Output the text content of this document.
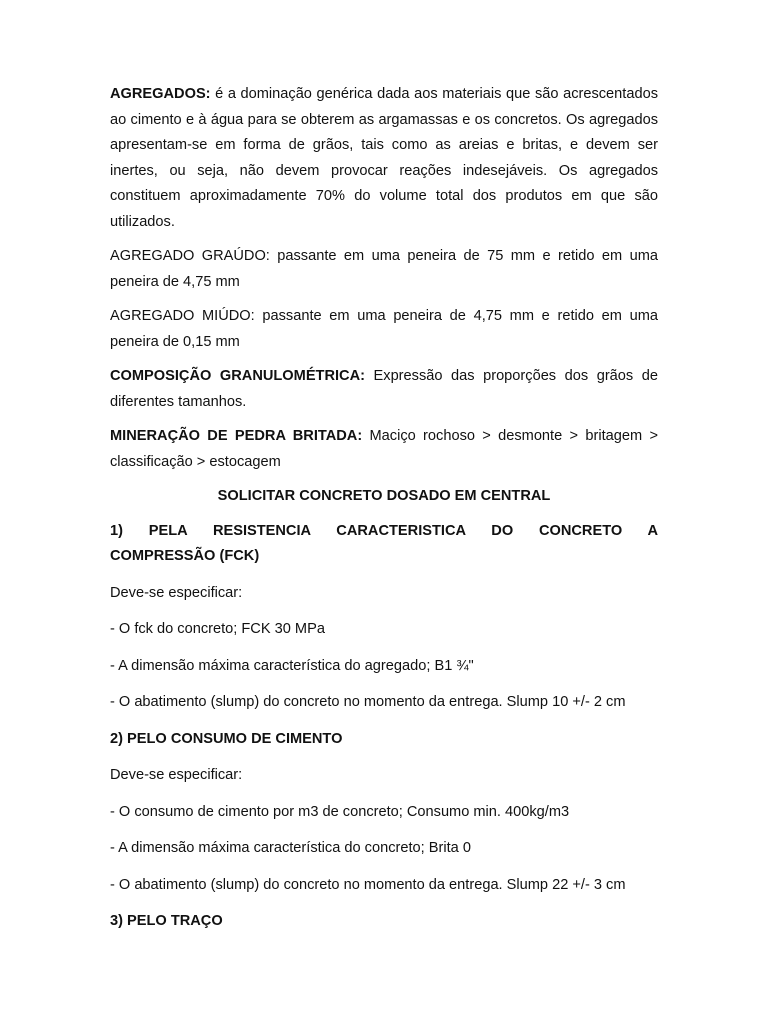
AGREGADOS: é a dominação genérica dada aos materiais que são acrescentados ao cimento e à água para se obterem as argamassas e os concretos. Os agregados apresentam-se em forma de grãos, tais como as areias e britas, e devem ser inertes, ou seja, não devem provocar reações indesejáveis. Os agregados constituem aproximadamente 70% do volume total dos produtos em que são utilizados.

AGREGADO GRAÚDO: passante em uma peneira de 75 mm e retido em uma peneira de 4,75 mm

AGREGADO MIÚDO: passante em uma peneira de 4,75 mm e retido em uma peneira de 0,15 mm

COMPOSIÇÃO GRANULOMÉTRICA: Expressão das proporções dos grãos de diferentes tamanhos.

MINERAÇÃO DE PEDRA BRITADA: Maciço rochoso > desmonte > britagem > classificação > estocagem

SOLICITAR CONCRETO DOSADO EM CENTRAL

1) PELA RESISTENCIA CARACTERISTICA DO CONCRETO A
COMPRESSÃO (FCK)

Deve-se especificar:

- O fck do concreto; FCK 30 MPa

- A dimensão máxima característica do agregado; B1 ¾"

- O abatimento (slump) do concreto no momento da entrega. Slump 10 +/- 2 cm

2) PELO CONSUMO DE CIMENTO

Deve-se especificar:

- O consumo de cimento por m3 de concreto; Consumo min. 400kg/m3

- A dimensão máxima característica do concreto; Brita 0

- O abatimento (slump) do concreto no momento da entrega. Slump 22 +/- 3 cm

3) PELO TRAÇO
